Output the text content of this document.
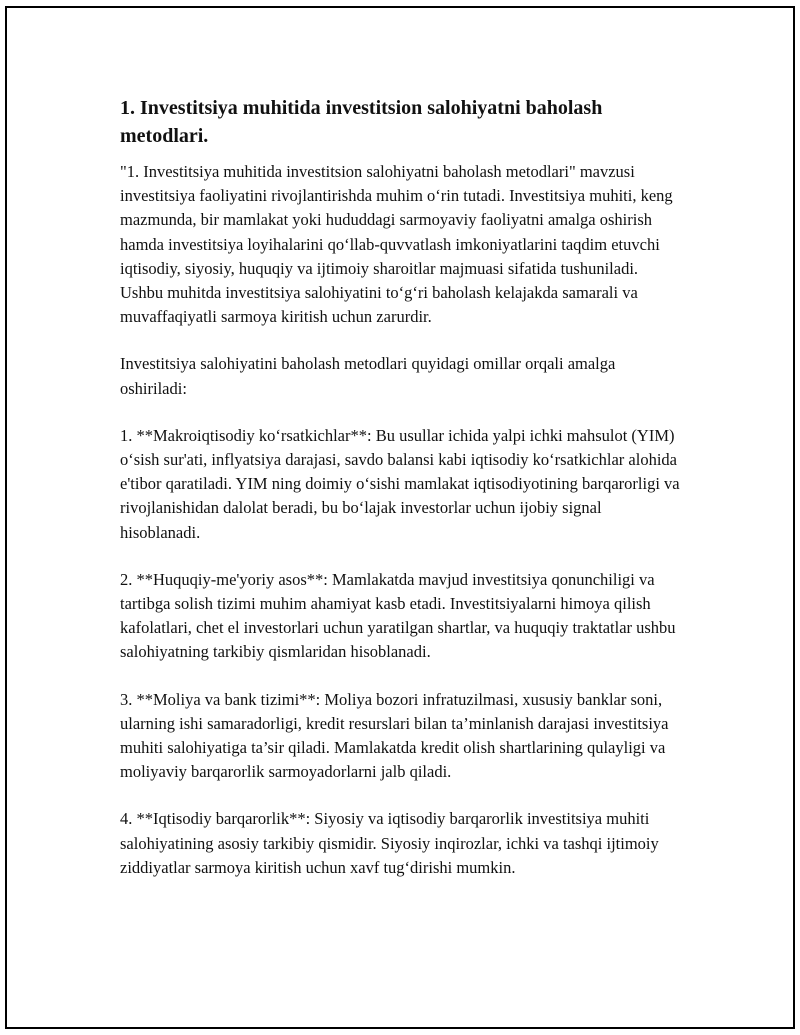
1. Investitsiya muhitida investitsion salohiyatni baholash metodlari.

"1. Investitsiya muhitida investitsion salohiyatni baholash metodlari" mavzusi investitsiya faoliyatini rivojlantirishda muhim o‘rin tutadi. Investitsiya muhiti, keng mazmunda, bir mamlakat yoki hududdagi sarmoyaviy faoliyatni amalga oshirish hamda investitsiya loyihalarini qo‘llab-quvvatlash imkoniyatlarini taqdim etuvchi iqtisodiy, siyosiy, huquqiy va ijtimoiy sharoitlar majmuasi sifatida tushuniladi. Ushbu muhitda investitsiya salohiyatini to‘g‘ri baholash kelajakda samarali va muvaffaqiyatli sarmoya kiritish uchun zarurdir.

Investitsiya salohiyatini baholash metodlari quyidagi omillar orqali amalga oshiriladi:

1. **Makroiqtisodiy ko‘rsatkichlar**: Bu usullar ichida yalpi ichki mahsulot (YIM) o‘sish sur'ati, inflyatsiya darajasi, savdo balansi kabi iqtisodiy ko‘rsatkichlar alohida e'tibor qaratiladi. YIM ning doimiy o‘sishi mamlakat iqtisodiyotining barqarorligi va rivojlanishidan dalolat beradi, bu bo‘lajak investorlar uchun ijobiy signal hisoblanadi.

2. **Huquqiy-me'yoriy asos**: Mamlakatda mavjud investitsiya qonunchiligi va tartibga solish tizimi muhim ahamiyat kasb etadi. Investitsiyalarni himoya qilish kafolatlari, chet el investorlari uchun yaratilgan shartlar, va huquqiy traktatlar ushbu salohiyatning tarkibiy qismlaridan hisoblanadi.

3. **Moliya va bank tizimi**: Moliya bozori infratuzilmasi, xususiy banklar soni, ularning ishi samaradorligi, kredit resurslari bilan ta’minlanish darajasi investitsiya muhiti salohiyatiga ta’sir qiladi. Mamlakatda kredit olish shartlarining qulayligi va moliyaviy barqarorlik sarmoyadorlarni jalb qiladi.

4. **Iqtisodiy barqarorlik**: Siyosiy va iqtisodiy barqarorlik investitsiya muhiti salohiyatining asosiy tarkibiy qismidir. Siyosiy inqirozlar, ichki va tashqi ijtimoiy ziddiyatlar sarmoya kiritish uchun xavf tug‘dirishi mumkin.
